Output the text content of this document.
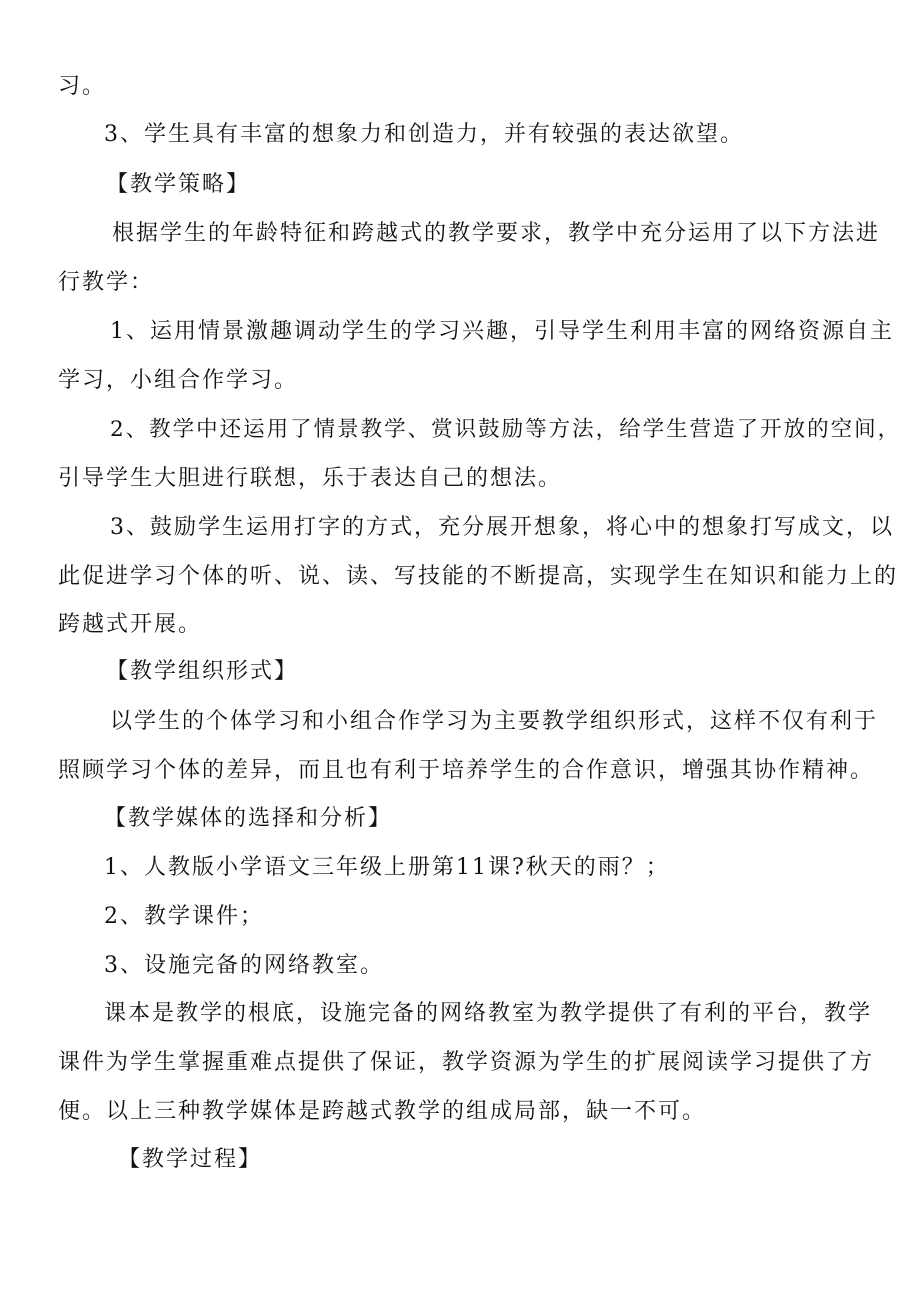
习。
3、学生具有丰富的想象力和创造力，并有较强的表达欲望。
【教学策略】
根据学生的年龄特征和跨越式的教学要求，教学中充分运用了以下方法进
行教学：
1、运用情景激趣调动学生的学习兴趣，引导学生利用丰富的网络资源自主
学习，小组合作学习。
2、教学中还运用了情景教学、赏识鼓励等方法，给学生营造了开放的空间，
引导学生大胆进行联想，乐于表达自己的想法。
3、鼓励学生运用打字的方式，充分展开想象，将心中的想象打写成文，以
此促进学习个体的听、说、读、写技能的不断提高，实现学生在知识和能力上的
跨越式开展。
【教学组织形式】
以学生的个体学习和小组合作学习为主要教学组织形式，这样不仅有利于
照顾学习个体的差异，而且也有利于培养学生的合作意识，增强其协作精神。
【教学媒体的选择和分析】
1、人教版小学语文三年级上册第11课?秋天的雨？；
2、教学课件；
3、设施完备的网络教室。
课本是教学的根底，设施完备的网络教室为教学提供了有利的平台，教学
课件为学生掌握重难点提供了保证，教学资源为学生的扩展阅读学习提供了方
便。以上三种教学媒体是跨越式教学的组成局部，缺一不可。
【教学过程】
